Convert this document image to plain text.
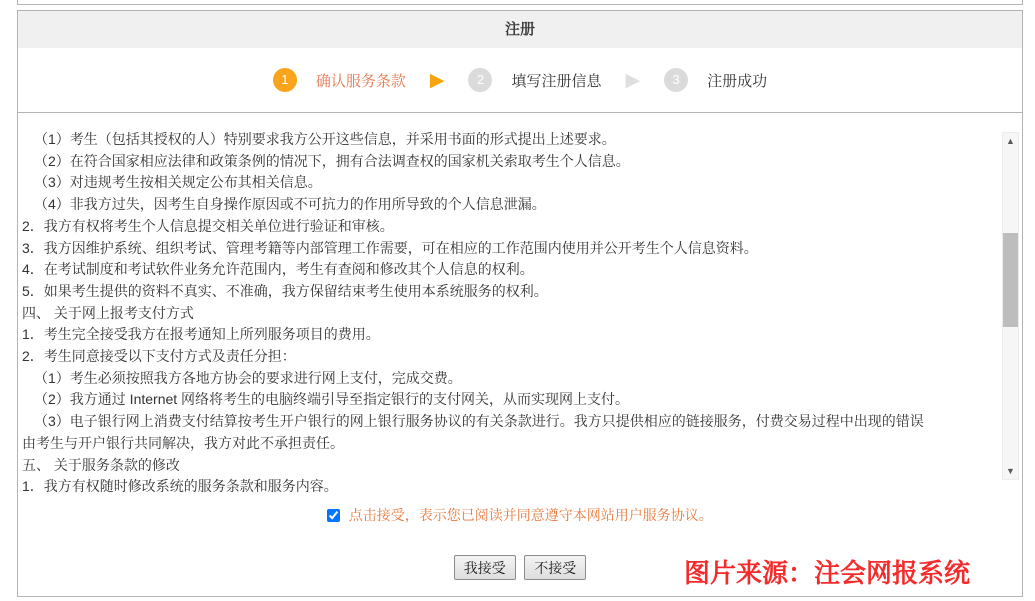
注册
1	确认服务条款 ▶	2	填写注册信息 ▶	3	注册成功
（1）考生（包括其授权的人）特别要求我方公开这些信息，并采用书面的形式提出上述要求。
（2）在符合国家相应法律和政策条例的情况下，拥有合法调查权的国家机关索取考生个人信息。
（3）对违规考生按相关规定公布其相关信息。
（4）非我方过失，因考生自身操作原因或不可抗力的作用所导致的个人信息泄漏。
2．我方有权将考生个人信息提交相关单位进行验证和审核。
3．我方因维护系统、组织考试、管理考籍等内部管理工作需要，可在相应的工作范围内使用并公开考生个人信息资料。
4．在考试制度和考试软件业务允许范围内，考生有查阅和修改其个人信息的权利。
5．如果考生提供的资料不真实、不准确，我方保留结束考生使用本系统服务的权利。
四、 关于网上报考支付方式
1．考生完全接受我方在报考通知上所列服务项目的费用。
2．考生同意接受以下支付方式及责任分担：
（1）考生必须按照我方各地方协会的要求进行网上支付，完成交费。
（2）我方通过 Internet 网络将考生的电脑终端引导至指定银行的支付网关，从而实现网上支付。
（3）电子银行网上消费支付结算按考生开户银行的网上银行服务协议的有关条款进行。我方只提供相应的链接服务，付费交易过程中出现的错误
由考生与开户银行共同解决，我方对此不承担责任。
五、 关于服务条款的修改
1．我方有权随时修改系统的服务条款和服务内容。
▲
▼
点击接受，表示您已阅读并同意遵守本网站用户服务协议。
我接受 不接受	图片来源：注会网报系统
